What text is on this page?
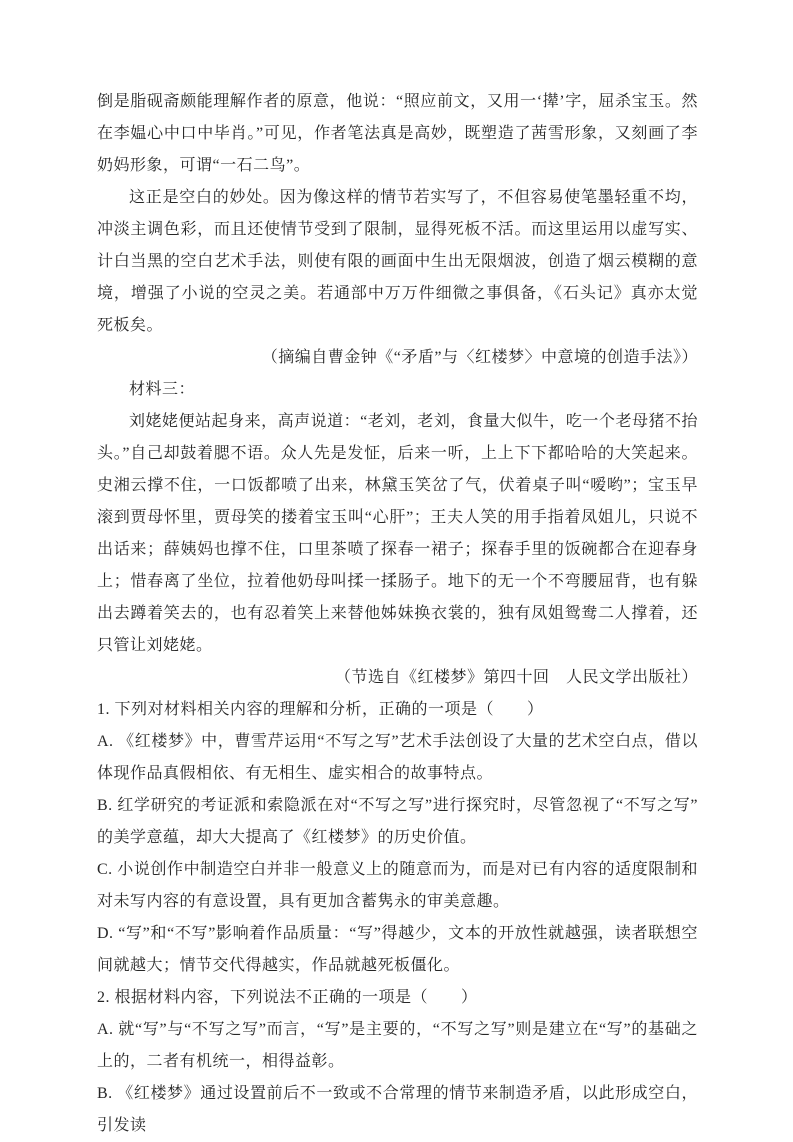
倒是脂砚斋颇能理解作者的原意，他说：“照应前文，又用一‘撵’字，屈杀宝玉。然在李媪心中口中毕肖。”可见，作者笔法真是高妙，既塑造了茜雪形象，又刻画了李奶妈形象，可谓“一石二鸟”。

这正是空白的妙处。因为像这样的情节若实写了，不但容易使笔墨轻重不均，冲淡主调色彩，而且还使情节受到了限制，显得死板不活。而这里运用以虚写实、计白当黑的空白艺术手法，则使有限的画面中生出无限烟波，创造了烟云模糊的意境，增强了小说的空灵之美。若通部中万万件细微之事俱备，《石头记》真亦太觉死板矣。

（摘编自曹金钟《“矛盾”与〈红楼梦〉中意境的创造手法》）

材料三：

刘姥姥便站起身来，高声说道：“老刘，老刘，食量大似牛，吃一个老母猪不抬头。”自己却鼓着腮不语。众人先是发怔，后来一听，上上下下都哈哈的大笑起来。史湘云撑不住，一口饭都喷了出来，林黛玉笑岔了气，伏着桌子叫“嗳哟”；宝玉早滚到贾母怀里，贾母笑的搂着宝玉叫“心肝”；王夫人笑的用手指着凤姐儿，只说不出话来；薛姨妈也撑不住，口里茶喷了探春一裙子；探春手里的饭碗都合在迎春身上；惜春离了坐位，拉着他奶母叫揉一揉肠子。地下的无一个不弯腰屈背，也有躲出去蹲着笑去的，也有忍着笑上来替他姊妹换衣裳的，独有凤姐鸳鸯二人撑着，还只管让刘姥姥。

（节选自《红楼梦》第四十回　人民文学出版社）

1. 下列对材料相关内容的理解和分析，正确的一项是（　　）

A. 《红楼梦》中，曹雪芹运用“不写之写”艺术手法创设了大量的艺术空白点，借以体现作品真假相依、有无相生、虚实相合的故事特点。

B. 红学研究的考证派和索隐派在对“不写之写”进行探究时，尽管忽视了“不写之写”的美学意蕴，却大大提高了《红楼梦》的历史价值。

C. 小说创作中制造空白并非一般意义上的随意而为，而是对已有内容的适度限制和对未写内容的有意设置，具有更加含蓄隽永的审美意趣。

D. “写”和“不写”影响着作品质量：“写”得越少，文本的开放性就越强，读者联想空间就越大；情节交代得越实，作品就越死板僵化。

2. 根据材料内容，下列说法不正确的一项是（　　）

A. 就“写”与“不写之写”而言，“写”是主要的，“不写之写”则是建立在“写”的基础之上的，二者有机统一，相得益彰。

B. 《红楼梦》通过设置前后不一致或不合常理的情节来制造矛盾，以此形成空白，引发读
